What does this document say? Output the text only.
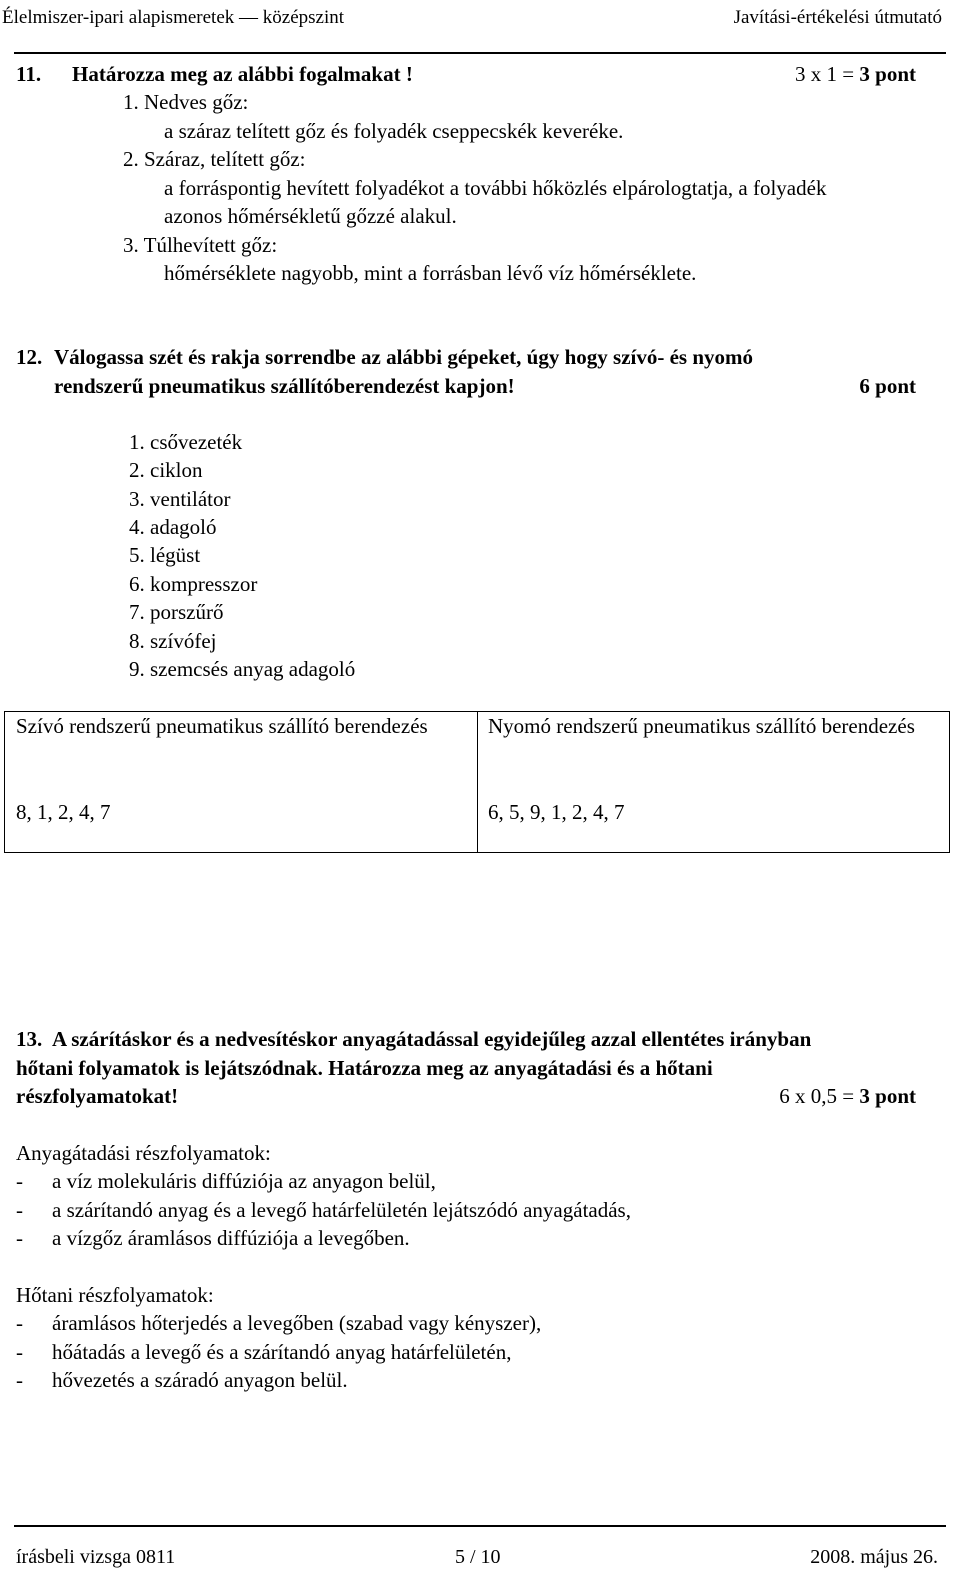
Élelmiszer-ipari alapismeretek — középszint	Javítási-értékelési útmutató
11. Határozza meg az alábbi fogalmakat !	3 x 1 = 3 pont
1. Nedves gőz:
a száraz telített gőz és folyadék cseppecskék keveréke.
2. Száraz, telített gőz:
a forráspontig hevített folyadékot a további hőközlés elpárologtatja, a folyadék
azonos hőmérsékletű gőzzé alakul.
3. Túlhevített gőz:
hőmérséklete nagyobb, mint a forrásban lévő víz hőmérséklete.
12. Válogassa szét és rakja sorrendbe az alábbi gépeket, úgy hogy szívó- és nyomó
rendszerű pneumatikus szállítóberendezést kapjon!	6 pont
1. csővezeték
2. ciklon
3. ventilátor
4. adagoló
5. légüst
6. kompresszor
7. porszűrő
8. szívófej
9. szemcsés anyag adagoló
Szívó rendszerű pneumatikus szállító berendezés	Nyomó rendszerű pneumatikus szállító berendezés
8, 1, 2, 4, 7	6, 5, 9, 1, 2, 4, 7
13. A szárításkor és a nedvesítéskor anyagátadással egyidejűleg azzal ellentétes irányban
hőtani folyamatok is lejátszódnak. Határozza meg az anyagátadási és a hőtani
részfolyamatokat!	6 x 0,5 = 3 pont
Anyagátadási részfolyamatok:
- a víz molekuláris diffúziója az anyagon belül,
- a szárítandó anyag és a levegő határfelületén lejátszódó anyagátadás,
- a vízgőz áramlásos diffúziója a levegőben.
Hőtani részfolyamatok:
- áramlásos hőterjedés a levegőben (szabad vagy kényszer),
- hőátadás a levegő és a szárítandó anyag határfelületén,
- hővezetés a száradó anyagon belül.
írásbeli vizsga 0811	5 / 10	2008. május 26.
